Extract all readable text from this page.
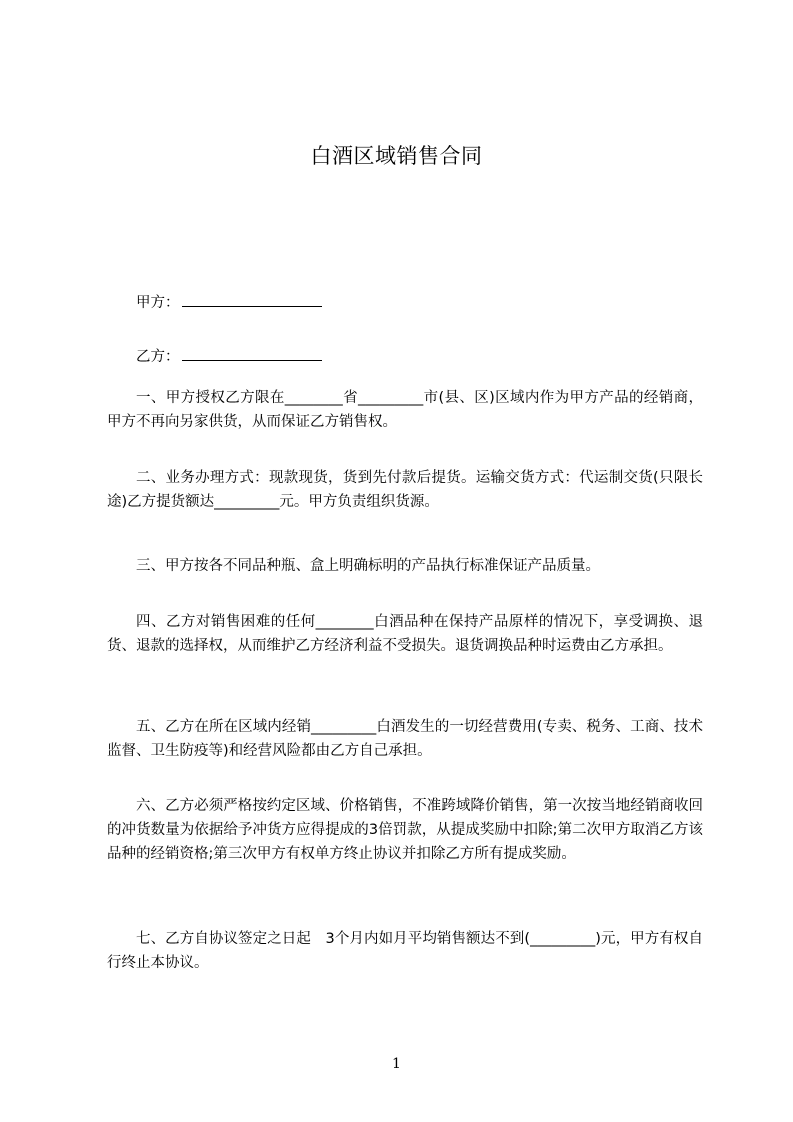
白酒区域销售合同
甲方：
乙方：

一、甲方授权乙方限在________省_________市(县、区)区域内作为甲方产品的经销商，甲方不再向另家供货，从而保证乙方销售权。

二、业务办理方式：现款现货，货到先付款后提货。运输交货方式：代运制交货(只限长途)乙方提货额达_________元。甲方负责组织货源。

三、甲方按各不同品种瓶、盒上明确标明的产品执行标准保证产品质量。

四、乙方对销售困难的任何________白酒品种在保持产品原样的情况下，享受调换、退货、退款的选择权，从而维护乙方经济利益不受损失。退货调换品种时运费由乙方承担。

五、乙方在所在区域内经销_________白酒发生的一切经营费用(专卖、税务、工商、技术监督、卫生防疫等)和经营风险都由乙方自己承担。

六、乙方必须严格按约定区域、价格销售，不准跨域降价销售，第一次按当地经销商收回的冲货数量为依据给予冲货方应得提成的3倍罚款，从提成奖励中扣除;第二次甲方取消乙方该品种的经销资格;第三次甲方有权单方终止协议并扣除乙方所有提成奖励。

七、乙方自协议签定之日起　3个月内如月平均销售额达不到(_________)元，甲方有权自行终止本协议。

1
